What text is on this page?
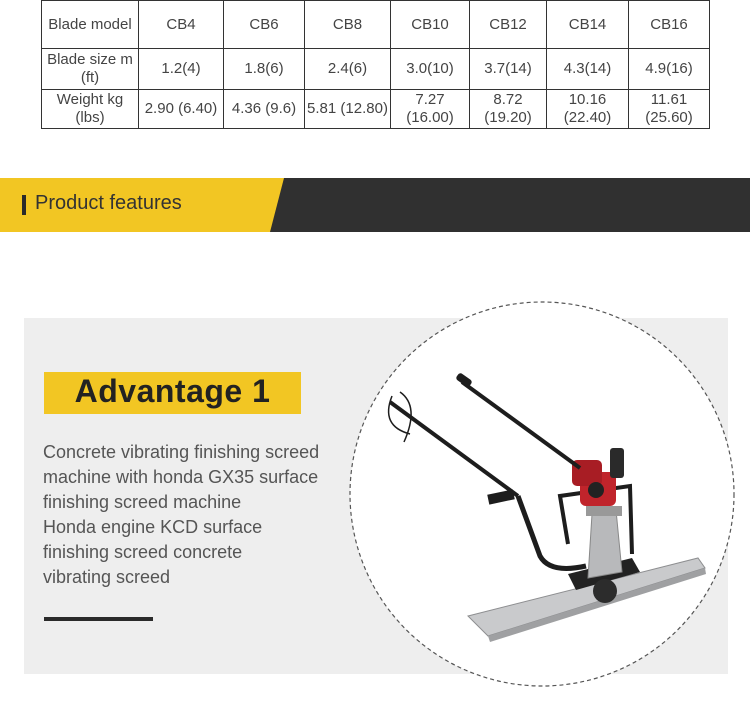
Blade model	CB4	CB6	CB8	CB10	CB12	CB14	CB16
Blade size m (ft)	1.2(4)	1.8(6)	2.4(6)	3.0(10)	3.7(14)	4.3(14)	4.9(16)
Weight kg (lbs)	2.90 (6.40)	4.36 (9.6)	5.81 (12.80)	7.27 (16.00)	8.72 (19.20)	10.16 (22.40)	11.61 (25.60)
Product features
Advantage 1
Concrete vibrating finishing screed
machine with honda GX35 surface
finishing screed machine
Honda engine KCD surface
finishing screed concrete
vibrating screed
